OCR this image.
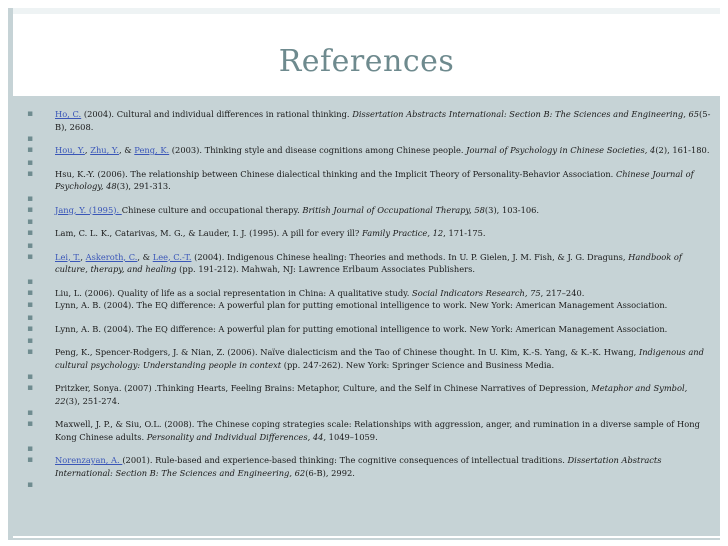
References
▪	Ho, C. (2004). Cultural and individual differences in rational thinking. Dissertation Abstracts International: Section B: The Sciences and Engineering, 65(5-B), 2608.
▪
▪	Hou, Y., Zhu, Y., & Peng, K. (2003). Thinking style and disease cognitions among Chinese people. Journal of Psychology in Chinese Societies, 4(2), 161-180.
▪
▪	Hsu, K.-Y. (2006). The relationship between Chinese dialectical thinking and the Implicit Theory of Personality-Behavior Association. Chinese Journal of Psychology, 48(3), 291-313.
▪
▪	Jang, Y. (1995). Chinese culture and occupational therapy. British Journal of Occupational Therapy, 58(3), 103-106.
▪
▪	Lam, C. L. K., Catarivas, M. G., & Lauder, I. J. (1995). A pill for every ill? Family Practice, 12, 171-175.
▪
▪	Lei, T., Askeroth, C., & Lee, C.-T. (2004). Indigenous Chinese healing: Theories and methods. In U. P. Gielen, J. M. Fish, & J. G. Draguns, Handbook of culture, therapy, and healing (pp. 191-212). Mahwah, NJ: Lawrence Erlbaum Associates Publishers.
▪
▪	Liu, L. (2006). Quality of life as a social representation in China: A qualitative study. Social Indicators Research, 75, 217–240.
▪	Lynn, A. B. (2004). The EQ difference: A powerful plan for putting emotional intelligence to work. New York: American Management Association.
▪
▪	Lynn, A. B. (2004). The EQ difference: A powerful plan for putting emotional intelligence to work. New York: American Management Association.
▪
▪	Peng, K., Spencer-Rodgers, J. & Nian, Z. (2006). Naïve dialecticism and the Tao of Chinese thought. In U. Kim, K.-S. Yang, & K.-K. Hwang, Indigenous and cultural psychology: Understanding people in context (pp. 247-262). New York: Springer Science and Business Media.
▪
▪	Pritzker, Sonya. (2007) .Thinking Hearts, Feeling Brains: Metaphor, Culture, and the Self in Chinese Narratives of Depression, Metaphor and Symbol, 22(3), 251-274.
▪
▪	Maxwell, J. P., & Siu, O.L. (2008). The Chinese coping strategies scale: Relationships with aggression, anger, and rumination in a diverse sample of Hong Kong Chinese adults. Personality and Individual Differences, 44, 1049–1059.
▪
▪	Norenzayan, A. (2001). Rule-based and experience-based thinking: The cognitive consequences of intellectual traditions. Dissertation Abstracts International: Section B: The Sciences and Engineering, 62(6-B), 2992.
▪
